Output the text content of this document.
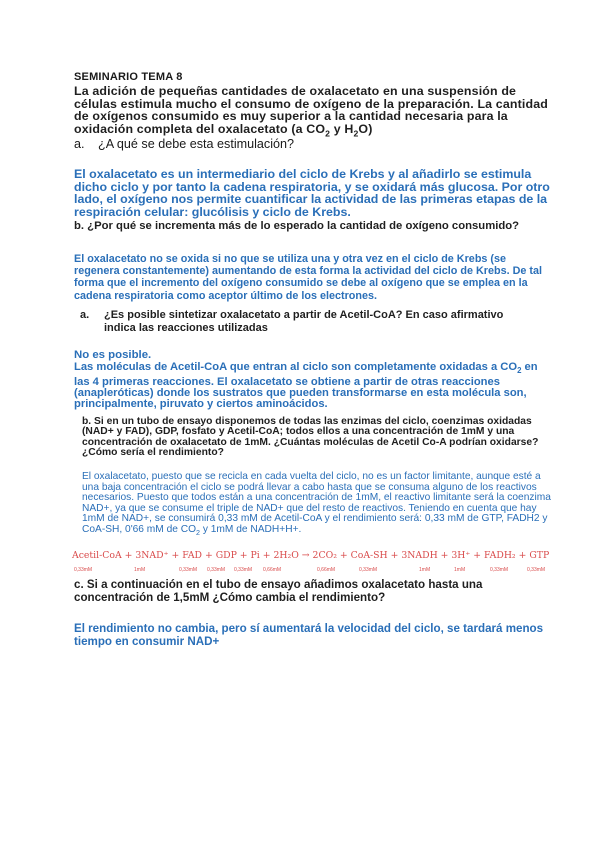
SEMINARIO TEMA 8

La adición de pequeñas cantidades de oxalacetato en una suspensión de células estimula mucho el consumo de oxígeno de la preparación. La cantidad de oxígenos consumido es muy superior a la cantidad necesaria para la oxidación completa del oxalacetato (a $CO_2$ y $H_2O$)

a. ¿A qué se debe esta estimulación?

El oxalacetato es un intermediario del ciclo de Krebs y al añadirlo se estimula dicho ciclo y por tanto la cadena respiratoria, y se oxidará más glucosa. Por otro lado, el oxígeno nos permite cuantificar la actividad de las primeras etapas de la respiración celular: glucólisis y ciclo de Krebs.

b. ¿Por qué se incrementa más de lo esperado la cantidad de oxígeno consumido?

El oxalacetato no se oxida si no que se utiliza una y otra vez en el ciclo de Krebs (se regenera constantemente) aumentando de esta forma la actividad del ciclo de Krebs. De tal forma que el incremento del oxígeno consumido se debe al oxígeno que se emplea en la cadena respiratoria como aceptor último de los electrones.

a. ¿Es posible sintetizar oxalacetato a partir de Acetil-CoA? En caso afirmativo indica las reacciones utilizadas

No es posible.

Las moléculas de Acetil-CoA que entran al ciclo son completamente oxidadas a $CO_2$ en las 4 primeras reacciones. El oxalacetato se obtiene a partir de otras reacciones (anapleróticas) donde los sustratos que pueden transformarse en esta molécula son, principalmente, piruvato y ciertos aminoácidos.

b. Si en un tubo de ensayo disponemos de todas las enzimas del ciclo, coenzimas oxidadas (NAD+ y FAD), GDP, fosfato y Acetil-CoA; todos ellos a una concentración de 1mM y una concentración de oxalacetato de 1mM. ¿Cuántas moléculas de Acetil Co-A podrían oxidarse? ¿Cómo sería el rendimiento?

El oxalacetato, puesto que se recicla en cada vuelta del ciclo, no es un factor limitante, aunque esté a una baja concentración el ciclo se podrá llevar a cabo hasta que se consuma alguno de los reactivos necesarios. Puesto que todos están a una concentración de 1mM, el reactivo limitante será la coenzima NAD+, ya que se consume el triple de NAD+ que del resto de reactivos. Teniendo en cuenta que hay 1mM de NAD+, se consumirá 0,33 mM de Acetil-CoA y el rendimiento será: 0,33 mM de GTP, FADH2 y CoA-SH, 0'66 mM de $CO_2$ y 1mM de NADH+H+.

Acetil-CoA + 3NAD⁺ + FAD + GDP + Pi + 2H₂O → 2CO₂ + CoA-SH + 3NADH + 3H⁺ + FADH₂ + GTP
0,33mM	1mM	0,33mM 0,33mM 0,33mM 0,66mM	0,66mM	0,33mM	1mM	1mM	0,33mM	0,33mM

c. Si a continuación en el tubo de ensayo añadimos oxalacetato hasta una concentración de 1,5mM ¿Cómo cambia el rendimiento?

El rendimiento no cambia, pero sí aumentará la velocidad del ciclo, se tardará menos tiempo en consumir NAD+
